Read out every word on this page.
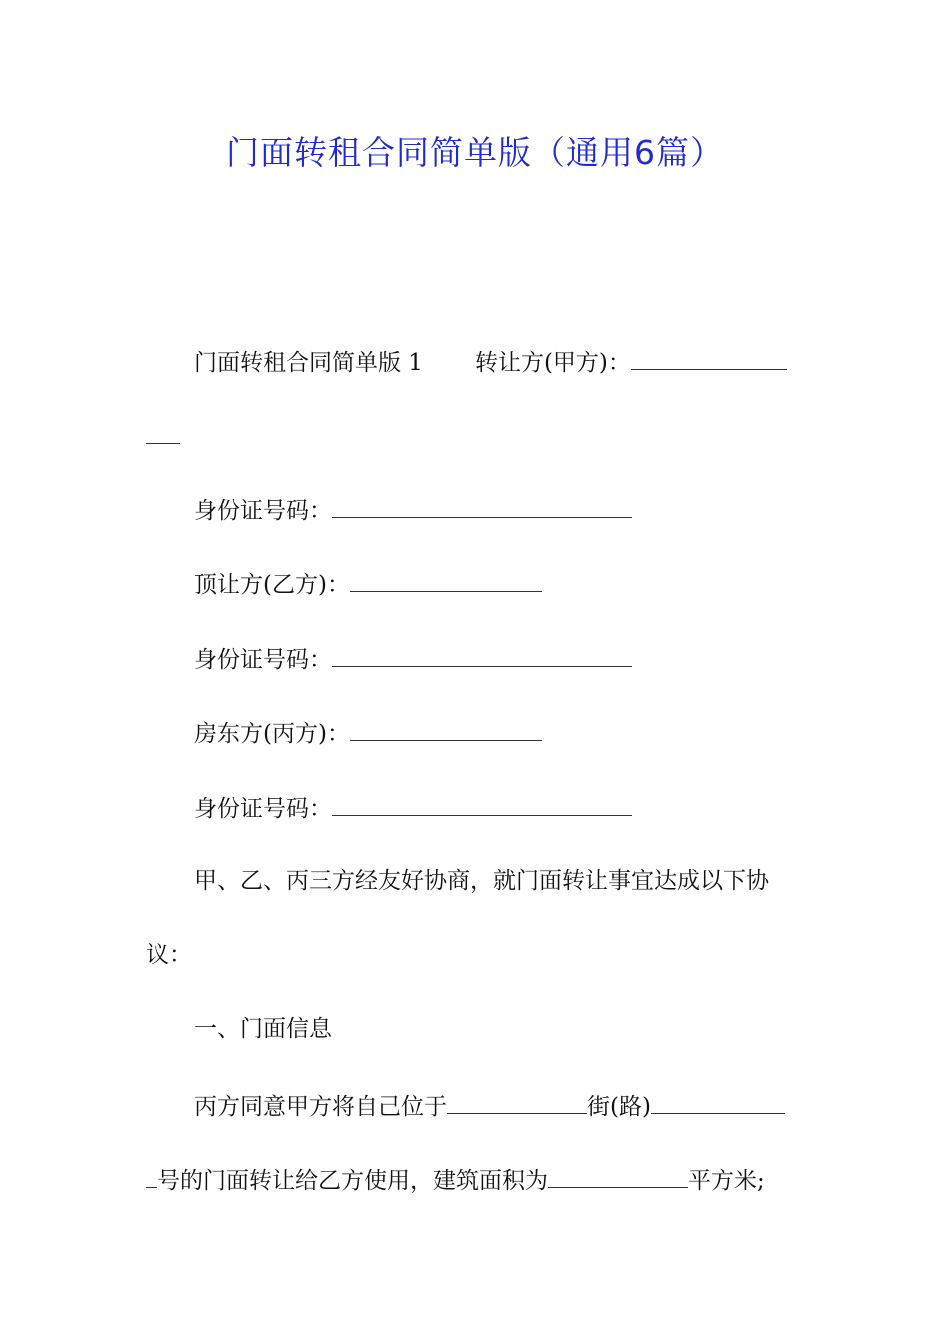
门面转租合同简单版（通用6篇）
门面转租合同简单版 1 转让方(甲方)：
身份证号码：
顶让方(乙方)：
身份证号码：
房东方(丙方)：
身份证号码：
甲、乙、丙三方经友好协商，就门面转让事宜达成以下协
议：
一、门面信息
丙方同意甲方将自己位于	街(路)
号的门面转让给乙方使用，建筑面积为	平方米;
